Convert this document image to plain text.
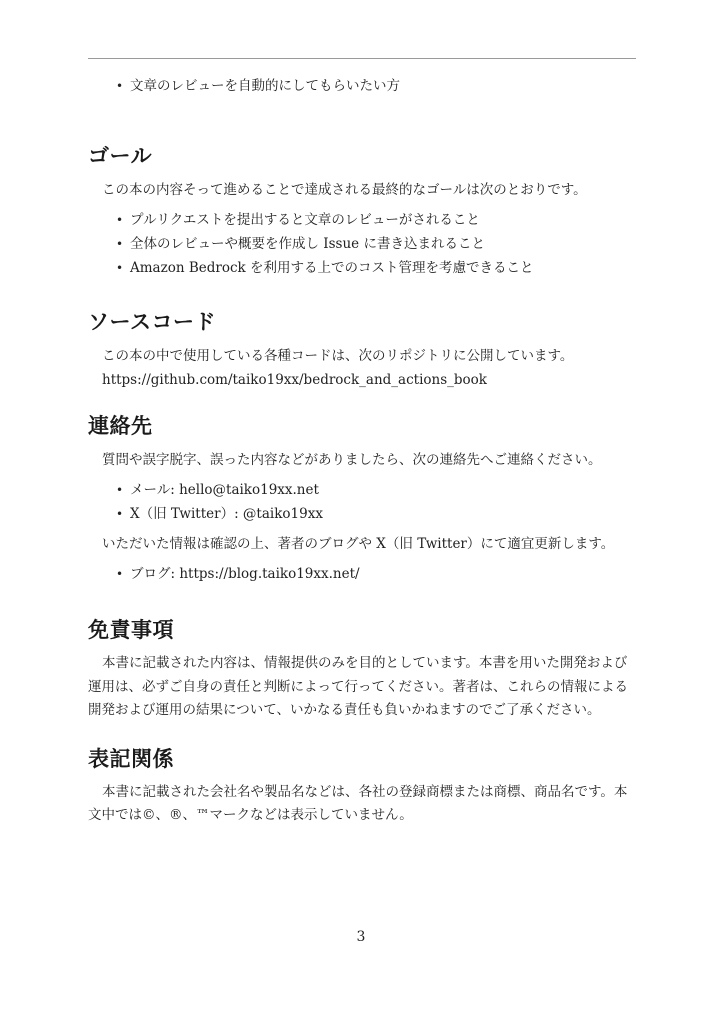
• 文章のレビューを自動的にしてもらいたい方
ゴール
この本の内容そって進めることで達成される最終的なゴールは次のとおりです。
• プルリクエストを提出すると文章のレビューがされること
• 全体のレビューや概要を作成し Issue に書き込まれること
• Amazon Bedrock を利用する上でのコスト管理を考慮できること
ソースコード
この本の中で使用している各種コードは、次のリポジトリに公開しています。
https://github.com/taiko19xx/bedrock_and_actions_book
連絡先
質問や誤字脱字、誤った内容などがありましたら、次の連絡先へご連絡ください。
• メール: hello@taiko19xx.net
• X（旧 Twitter）: @taiko19xx
いただいた情報は確認の上、著者のブログや X（旧 Twitter）にて適宜更新します。
• ブログ: https://blog.taiko19xx.net/
免責事項
本書に記載された内容は、情報提供のみを目的としています。本書を用いた開発および運用は、必ずご自身の責任と判断によって行ってください。著者は、これらの情報による開発および運用の結果について、いかなる責任も負いかねますのでご了承ください。
表記関係
本書に記載された会社名や製品名などは、各社の登録商標または商標、商品名です。本文中では©、®、™マークなどは表示していません。
3
